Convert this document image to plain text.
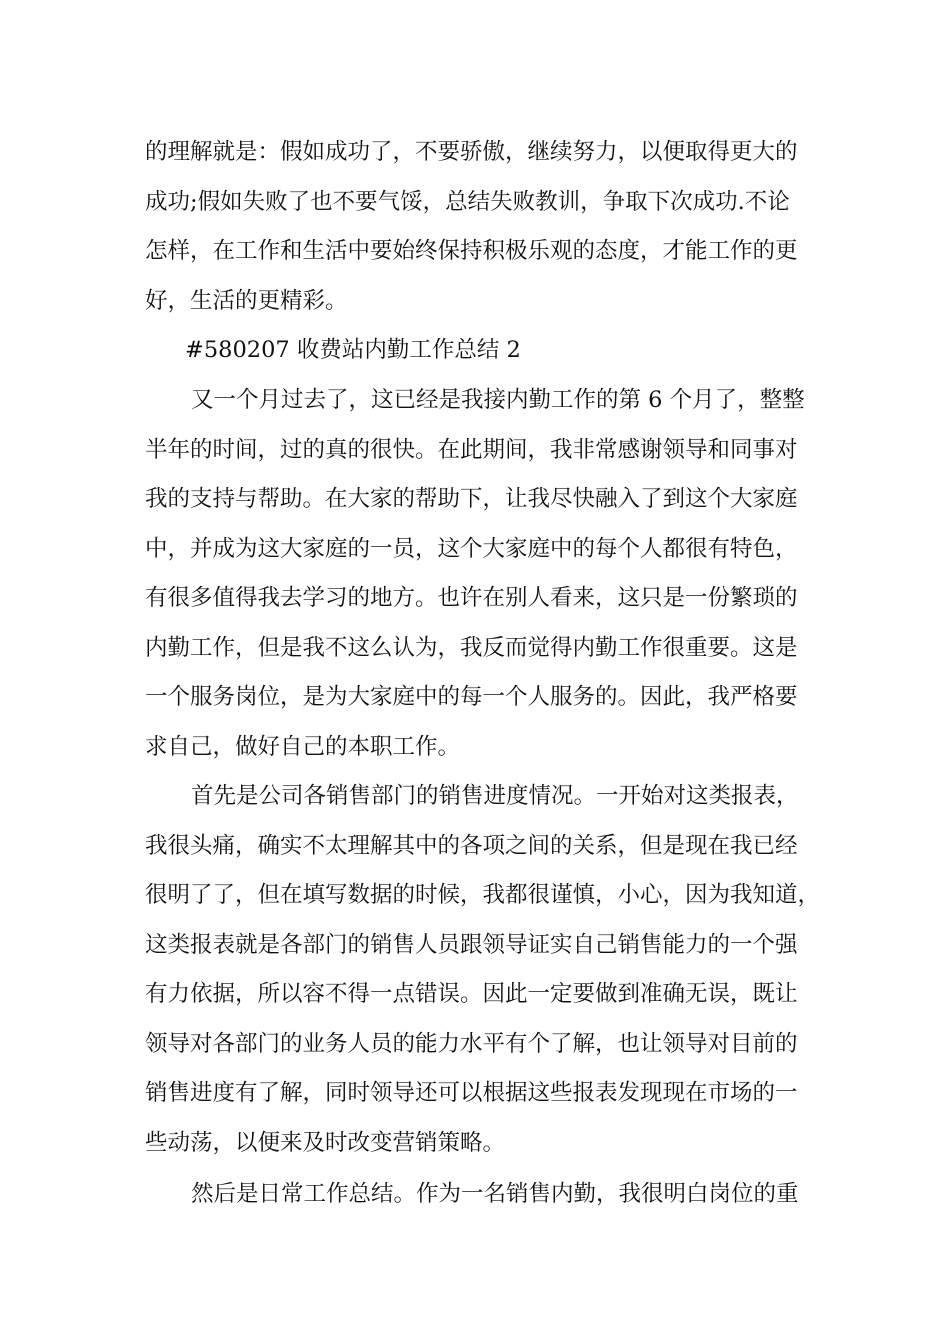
的理解就是：假如成功了，不要骄傲，继续努力，以便取得更大的
成功;假如失败了也不要气馁，总结失败教训，争取下次成功.不论
怎样，在工作和生活中要始终保持积极乐观的态度，才能工作的更
好，生活的更精彩。
#580207 收费站内勤工作总结 2
又一个月过去了，这已经是我接内勤工作的第 6 个月了，整整
半年的时间，过的真的很快。在此期间，我非常感谢领导和同事对
我的支持与帮助。在大家的帮助下，让我尽快融入了到这个大家庭
中，并成为这大家庭的一员，这个大家庭中的每个人都很有特色，
有很多值得我去学习的地方。也许在别人看来，这只是一份繁琐的
内勤工作，但是我不这么认为，我反而觉得内勤工作很重要。这是
一个服务岗位，是为大家庭中的每一个人服务的。因此，我严格要
求自己，做好自己的本职工作。
首先是公司各销售部门的销售进度情况。一开始对这类报表，
我很头痛，确实不太理解其中的各项之间的关系，但是现在我已经
很明了了，但在填写数据的时候，我都很谨慎，小心，因为我知道，
这类报表就是各部门的销售人员跟领导证实自己销售能力的一个强
有力依据，所以容不得一点错误。因此一定要做到准确无误，既让
领导对各部门的业务人员的能力水平有个了解，也让领导对目前的
销售进度有了解，同时领导还可以根据这些报表发现现在市场的一
些动荡，以便来及时改变营销策略。
然后是日常工作总结。作为一名销售内勤，我很明白岗位的重
